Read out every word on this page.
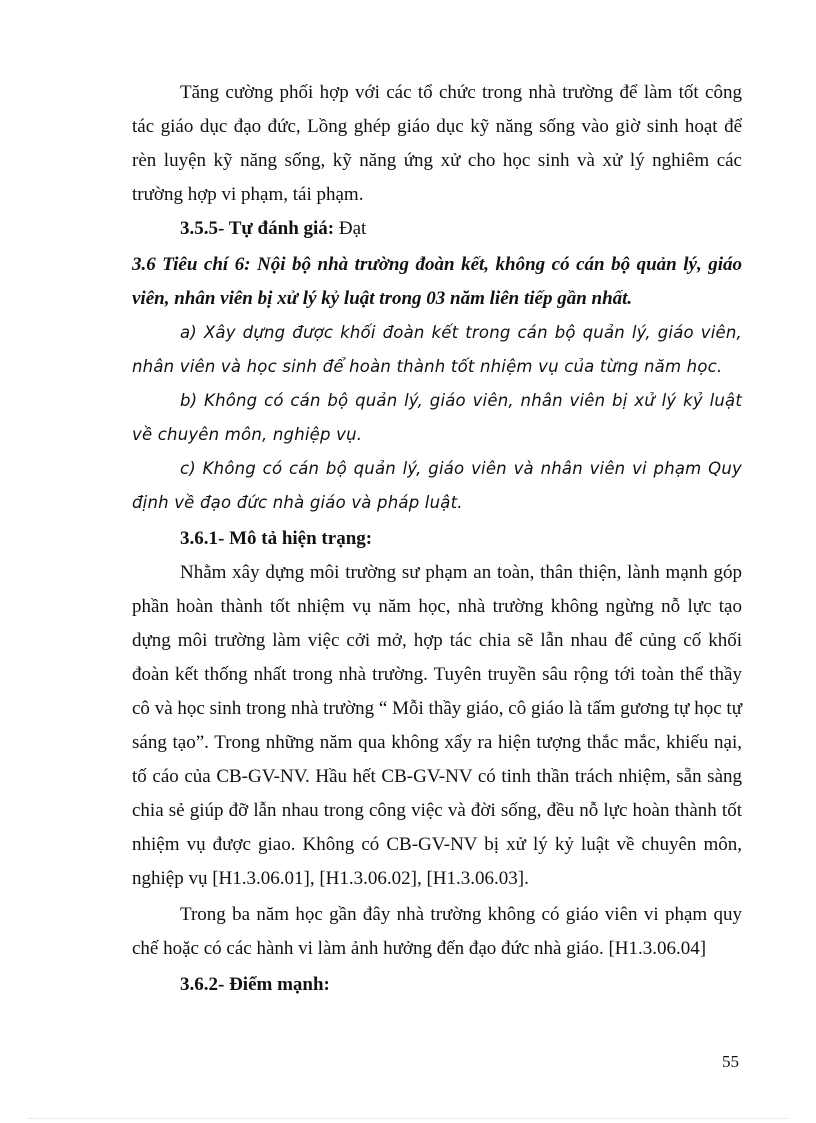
Tăng cường phối hợp với các tổ chức trong nhà trường để làm tốt công tác giáo dục đạo đức, Lồng ghép giáo dục kỹ năng sống vào giờ sinh hoạt để rèn luyện kỹ năng sống, kỹ năng ứng xử cho học sinh và xử lý nghiêm các trường hợp vi phạm, tái phạm.

3.5.5- Tự đánh giá: Đạt

3.6 Tiêu chí 6: Nội bộ nhà trường đoàn kết, không có cán bộ quản lý, giáo viên, nhân viên bị xử lý kỷ luật trong 03 năm liên tiếp gần nhất.

a) Xây dựng được khối đoàn kết trong cán bộ quản lý, giáo viên, nhân viên và học sinh để hoàn thành tốt nhiệm vụ của từng năm học.

b) Không có cán bộ quản lý, giáo viên, nhân viên bị xử lý kỷ luật về chuyên môn, nghiệp vụ.

c) Không có cán bộ quản lý, giáo viên và nhân viên vi phạm Quy định về đạo đức nhà giáo và pháp luật.

3.6.1- Mô tả hiện trạng:

Nhằm xây dựng môi trường sư phạm an toàn, thân thiện, lành mạnh góp phần hoàn thành tốt nhiệm vụ năm học, nhà trường không ngừng nỗ lực tạo dựng môi trường làm việc cởi mở, hợp tác chia sẽ lẫn nhau để củng cố khối đoàn kết thống nhất trong nhà trường. Tuyên truyền sâu rộng tới toàn thể thầy cô và học sinh trong nhà trường “ Mỗi thầy giáo, cô giáo là tấm gương tự học tự sáng tạo”. Trong những năm qua không xẩy ra hiện tượng thắc mắc, khiếu nại, tố cáo của CB-GV-NV. Hầu hết CB-GV-NV có tinh thần trách nhiệm, sẵn sàng chia sẻ giúp đỡ lẫn nhau trong công việc và đời sống, đều nỗ lực hoàn thành tốt nhiệm vụ được giao. Không có CB-GV-NV bị xử lý kỷ luật về chuyên môn, nghiệp vụ [H1.3.06.01], [H1.3.06.02], [H1.3.06.03].

Trong ba năm học gần đây nhà trường không có giáo viên vi phạm quy chế hoặc có các hành vi làm ảnh hưởng đến đạo đức nhà giáo. [H1.3.06.04]

3.6.2- Điểm mạnh:

55
